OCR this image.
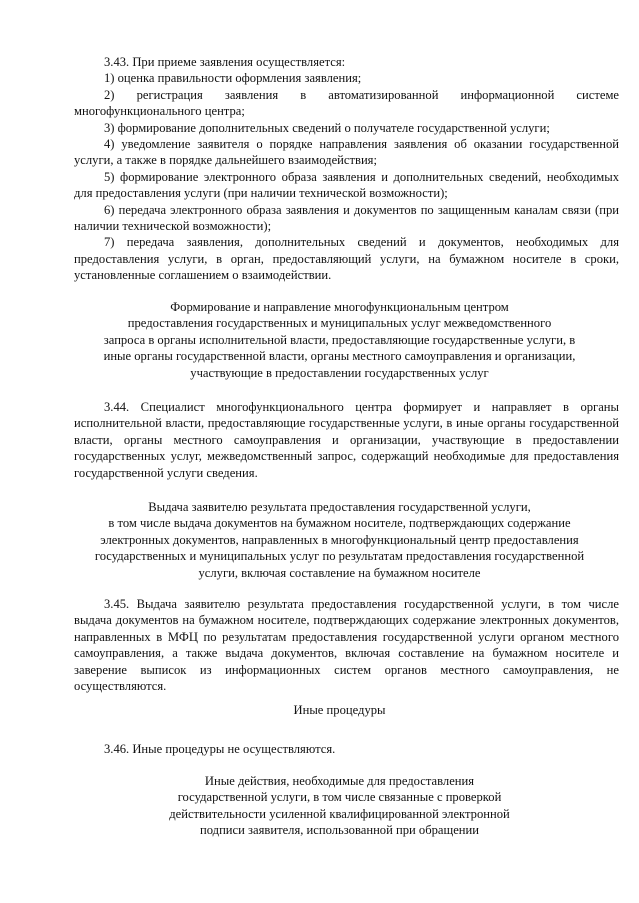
3.43. При приеме заявления осуществляется:

1) оценка правильности оформления заявления;

2) регистрация заявления в автоматизированной информационной системе многофункционального центра;

3) формирование дополнительных сведений о получателе государственной услуги;

4) уведомление заявителя о порядке направления заявления об оказании государственной услуги, а также в порядке дальнейшего взаимодействия;

5) формирование электронного образа заявления и дополнительных сведений, необходимых для предоставления услуги (при наличии технической возможности);

6) передача электронного образа заявления и документов по защищенным каналам связи (при наличии технической возможности);

7) передача заявления, дополнительных сведений и документов, необходимых для предоставления услуги, в орган, предоставляющий услуги, на бумажном носителе в сроки, установленные соглашением о взаимодействии.

Формирование и направление многофункциональным центром

предоставления государственных и муниципальных услуг межведомственного

запроса в органы исполнительной власти, предоставляющие государственные услуги, в

иные органы государственной власти, органы местного самоуправления и организации,

участвующие в предоставлении государственных услуг

3.44. Специалист многофункционального центра формирует и направляет в органы исполнительной власти, предоставляющие государственные услуги, в иные органы государственной власти, органы местного самоуправления и организации, участвующие в предоставлении государственных услуг, межведомственный запрос, содержащий необходимые для предоставления государственной услуги сведения.

Выдача заявителю результата предоставления государственной услуги,

в том числе выдача документов на бумажном носителе, подтверждающих содержание

электронных документов, направленных в многофункциональный центр предоставления

государственных и муниципальных услуг по результатам предоставления государственной

услуги, включая составление на бумажном носителе

3.45. Выдача заявителю результата предоставления государственной услуги, в том числе выдача документов на бумажном носителе, подтверждающих содержание электронных документов, направленных в МФЦ по результатам предоставления государственной услуги органом местного самоуправления, а также выдача документов, включая составление на бумажном носителе и заверение выписок из информационных систем органов местного самоуправления, не осуществляются.

Иные процедуры

3.46. Иные процедуры не осуществляются.

Иные действия, необходимые для предоставления

государственной услуги, в том числе связанные с проверкой

действительности усиленной квалифицированной электронной

подписи заявителя, использованной при обращении
